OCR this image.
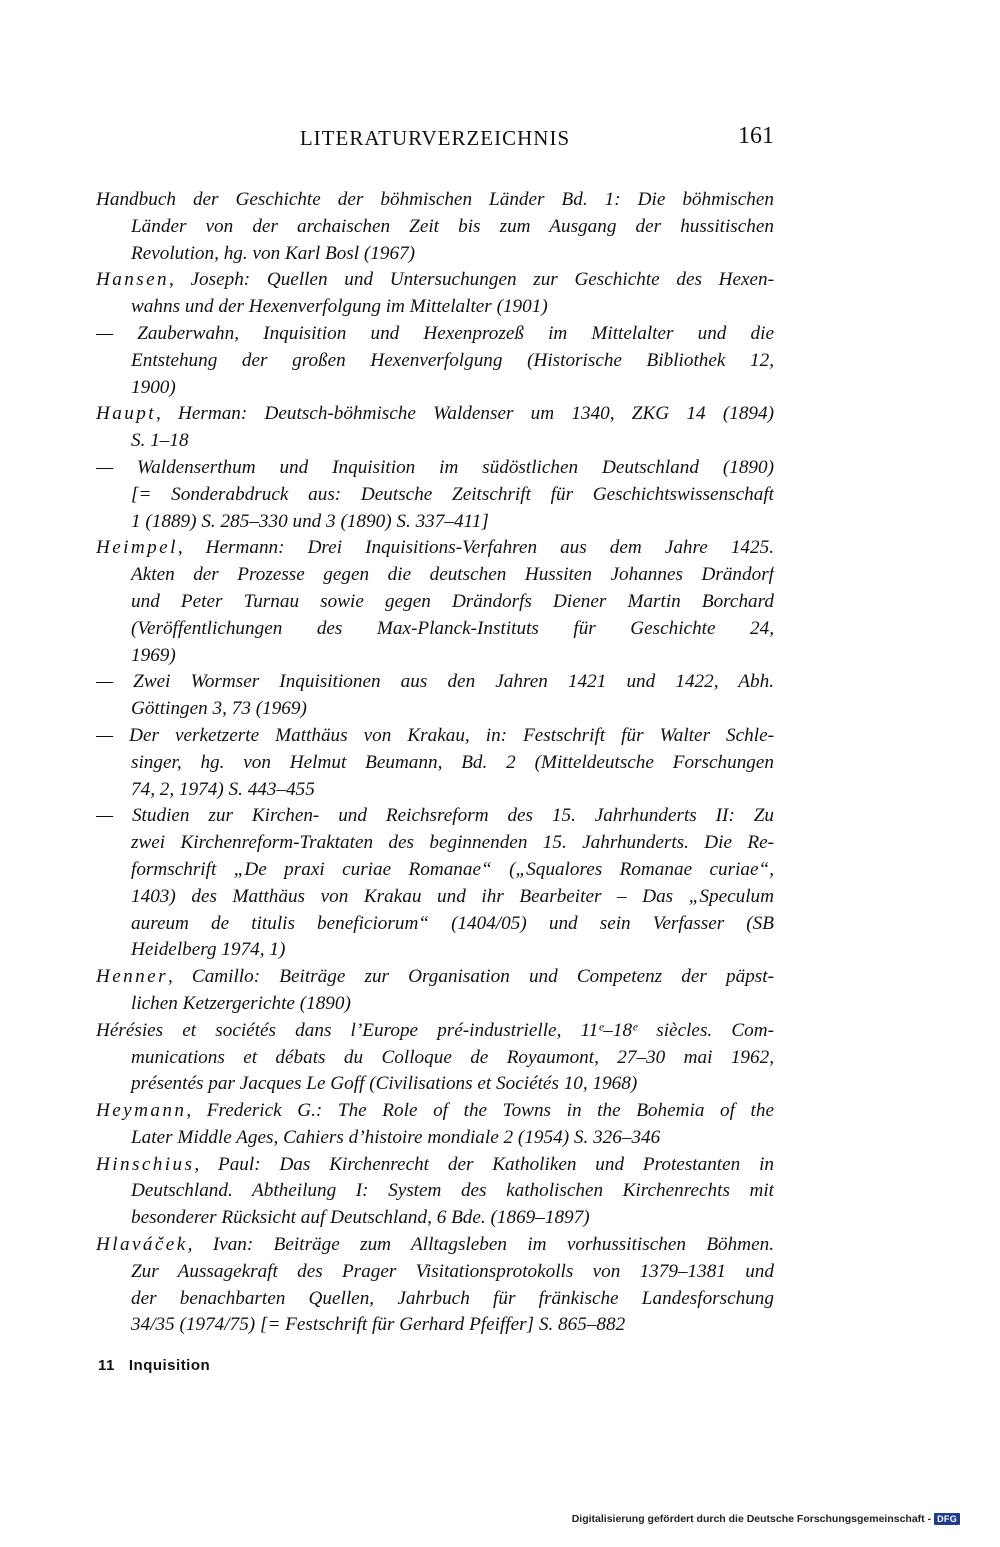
LITERATURVERZEICHNIS	161
Handbuch der Geschichte der böhmischen Länder Bd. 1: Die böhmischen
Länder von der archaischen Zeit bis zum Ausgang der hussitischen
Revolution, hg. von Karl Bosl (1967)
Hansen, Joseph: Quellen und Untersuchungen zur Geschichte des Hexen-
wahns und der Hexenverfolgung im Mittelalter (1901)
— Zauberwahn, Inquisition und Hexenprozeß im Mittelalter und die
Entstehung der großen Hexenverfolgung (Historische Bibliothek 12,
1900)
Haupt, Herman: Deutsch-böhmische Waldenser um 1340, ZKG 14 (1894)
S. 1–18
— Waldenserthum und Inquisition im südöstlichen Deutschland (1890)
[= Sonderabdruck aus: Deutsche Zeitschrift für Geschichtswissenschaft
1 (1889) S. 285–330 und 3 (1890) S. 337–411]
Heimpel, Hermann: Drei Inquisitions-Verfahren aus dem Jahre 1425.
Akten der Prozesse gegen die deutschen Hussiten Johannes Drändorf
und Peter Turnau sowie gegen Drändorfs Diener Martin Borchard
(Veröffentlichungen des Max-Planck-Instituts für Geschichte 24,
1969)
— Zwei Wormser Inquisitionen aus den Jahren 1421 und 1422, Abh.
Göttingen 3, 73 (1969)
— Der verketzerte Matthäus von Krakau, in: Festschrift für Walter Schle-
singer, hg. von Helmut Beumann, Bd. 2 (Mitteldeutsche Forschungen
74, 2, 1974) S. 443–455
— Studien zur Kirchen- und Reichsreform des 15. Jahrhunderts II: Zu
zwei Kirchenreform-Traktaten des beginnenden 15. Jahrhunderts. Die Re-
formschrift „De praxi curiae Romanae“ („Squalores Romanae curiae“,
1403) des Matthäus von Krakau und ihr Bearbeiter – Das „Speculum
aureum de titulis beneficiorum“ (1404/05) und sein Verfasser (SB
Heidelberg 1974, 1)
Henner, Camillo: Beiträge zur Organisation und Competenz der päpst-
lichen Ketzergerichte (1890)
Hérésies et sociétés dans l’Europe pré-industrielle, 11ᵉ–18ᵉ siècles. Com-
munications et débats du Colloque de Royaumont, 27–30 mai 1962,
présentés par Jacques Le Goff (Civilisations et Sociétés 10, 1968)
Heymann, Frederick G.: The Role of the Towns in the Bohemia of the
Later Middle Ages, Cahiers d’histoire mondiale 2 (1954) S. 326–346
Hinschius, Paul: Das Kirchenrecht der Katholiken und Protestanten in
Deutschland. Abtheilung I: System des katholischen Kirchenrechts mit
besonderer Rücksicht auf Deutschland, 6 Bde. (1869–1897)
Hlaváček, Ivan: Beiträge zum Alltagsleben im vorhussitischen Böhmen.
Zur Aussagekraft des Prager Visitationsprotokolls von 1379–1381 und
der benachbarten Quellen, Jahrbuch für fränkische Landesforschung
34/35 (1974/75) [= Festschrift für Gerhard Pfeiffer] S. 865–882
11 Inquisition
Digitalisierung gefördert durch die Deutsche Forschungsgemeinschaft - DFG
